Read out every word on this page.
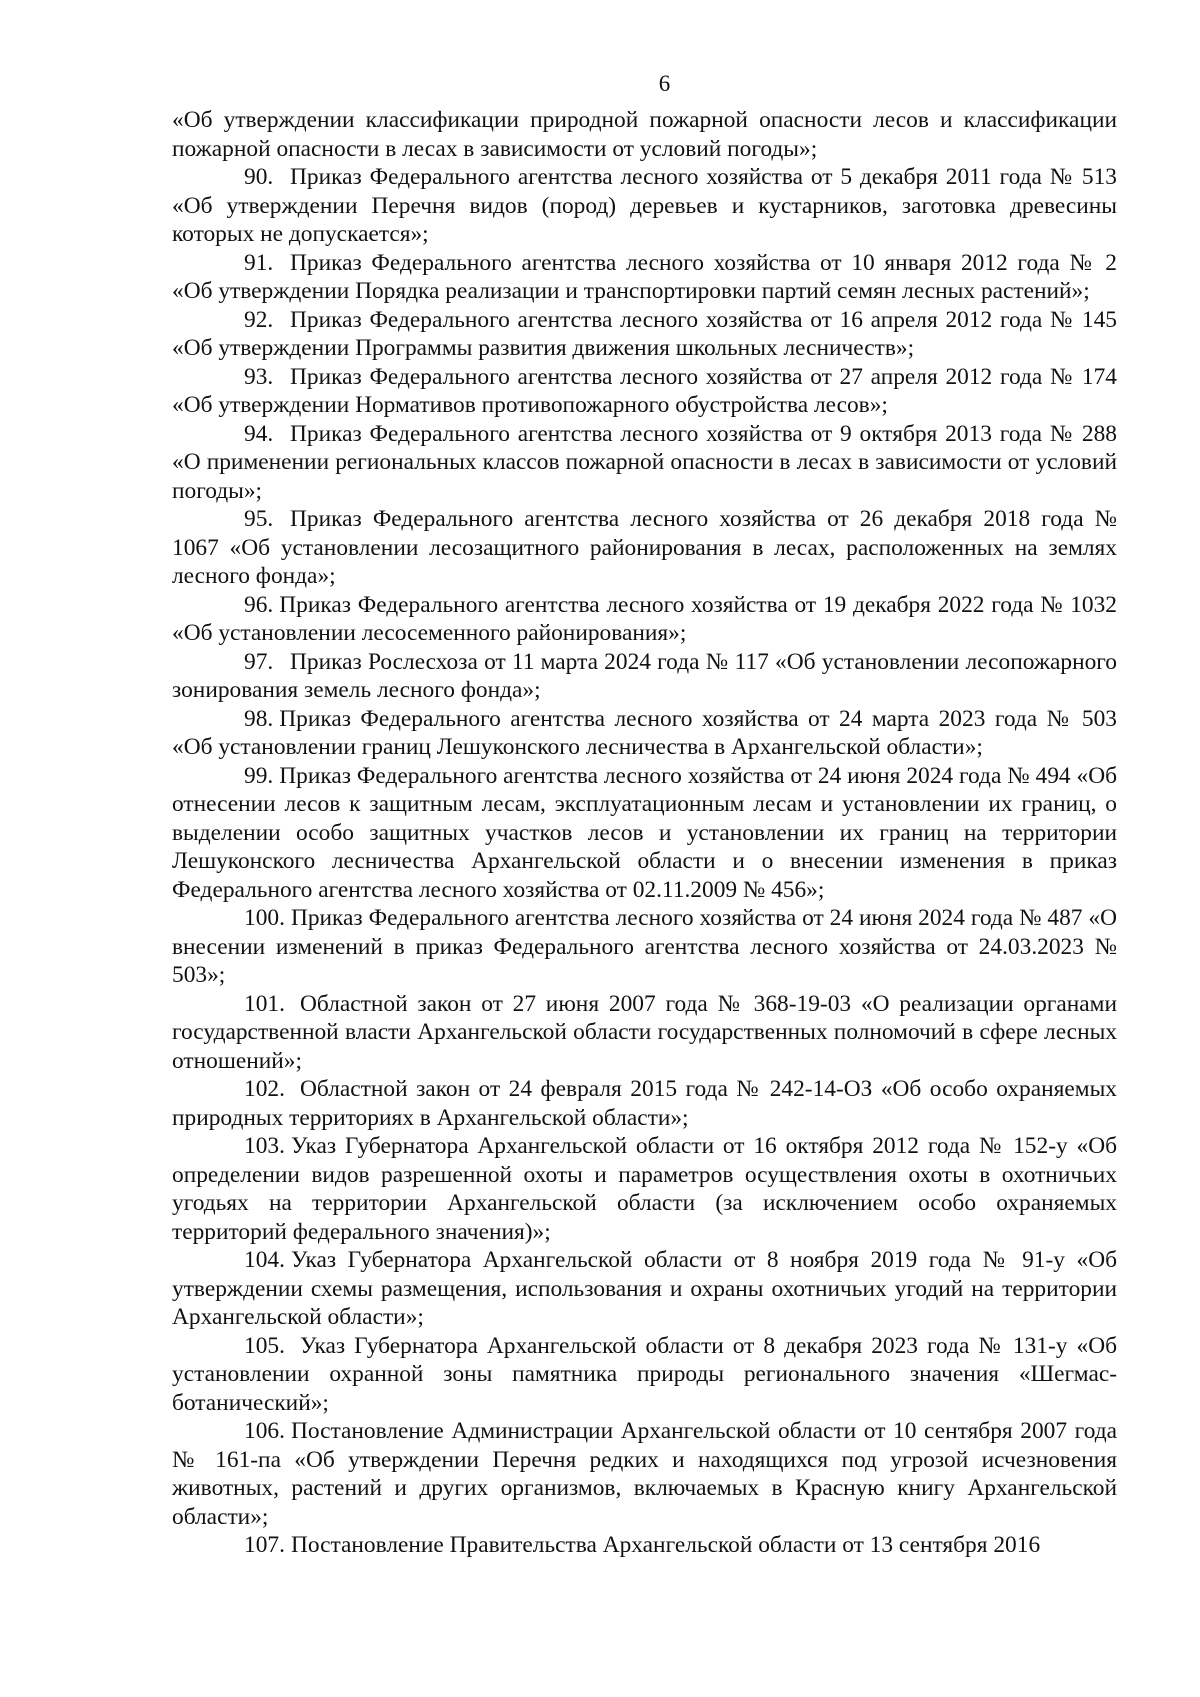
6

«Об утверждении классификации природной пожарной опасности лесов и классификации пожарной опасности в лесах в зависимости от условий погоды»;

90. Приказ Федерального агентства лесного хозяйства от 5 декабря 2011 года № 513 «Об утверждении Перечня видов (пород) деревьев и кустарников, заготовка древесины которых не допускается»;

91. Приказ Федерального агентства лесного хозяйства от 10 января 2012 года № 2 «Об утверждении Порядка реализации и транспортировки партий семян лесных растений»;

92. Приказ Федерального агентства лесного хозяйства от 16 апреля 2012 года № 145 «Об утверждении Программы развития движения школьных лесничеств»;

93. Приказ Федерального агентства лесного хозяйства от 27 апреля 2012 года № 174 «Об утверждении Нормативов противопожарного обустройства лесов»;

94. Приказ Федерального агентства лесного хозяйства от 9 октября 2013 года № 288 «О применении региональных классов пожарной опасности в лесах в зависимости от условий погоды»;

95. Приказ Федерального агентства лесного хозяйства от 26 декабря 2018 года № 1067 «Об установлении лесозащитного районирования в лесах, расположенных на землях лесного фонда»;

96. Приказ Федерального агентства лесного хозяйства от 19 декабря 2022 года № 1032 «Об установлении лесосеменного районирования»;

97. Приказ Рослесхоза от 11 марта 2024 года № 117 «Об установлении лесопожарного зонирования земель лесного фонда»;

98. Приказ Федерального агентства лесного хозяйства от 24 марта 2023 года № 503 «Об установлении границ Лешуконского лесничества в Архангельской области»;

99. Приказ Федерального агентства лесного хозяйства от 24 июня 2024 года № 494 «Об отнесении лесов к защитным лесам, эксплуатационным лесам и установлении их границ, о выделении особо защитных участков лесов и установлении их границ на территории Лешуконского лесничества Архангельской области и о внесении изменения в приказ Федерального агентства лесного хозяйства от 02.11.2009 № 456»;

100. Приказ Федерального агентства лесного хозяйства от 24 июня 2024 года № 487 «О внесении изменений в приказ Федерального агентства лесного хозяйства от 24.03.2023 № 503»;

101. Областной закон от 27 июня 2007 года № 368-19-03 «О реализации органами государственной власти Архангельской области государственных полномочий в сфере лесных отношений»;

102. Областной закон от 24 февраля 2015 года № 242-14-ОЗ «Об особо охраняемых природных территориях в Архангельской области»;

103. Указ Губернатора Архангельской области от 16 октября 2012 года № 152-у «Об определении видов разрешенной охоты и параметров осуществления охоты в охотничьих угодьях на территории Архангельской области (за исключением особо охраняемых территорий федерального значения)»;

104. Указ Губернатора Архангельской области от 8 ноября 2019 года № 91-у «Об утверждении схемы размещения, использования и охраны охотничьих угодий на территории Архангельской области»;

105. Указ Губернатора Архангельской области от 8 декабря 2023 года № 131-у «Об установлении охранной зоны памятника природы регионального значения «Шегмас-ботанический»;

106. Постановление Администрации Архангельской области от 10 сентября 2007 года № 161-па «Об утверждении Перечня редких и находящихся под угрозой исчезновения животных, растений и других организмов, включаемых в Красную книгу Архангельской области»;

107. Постановление Правительства Архангельской области от 13 сентября 2016
